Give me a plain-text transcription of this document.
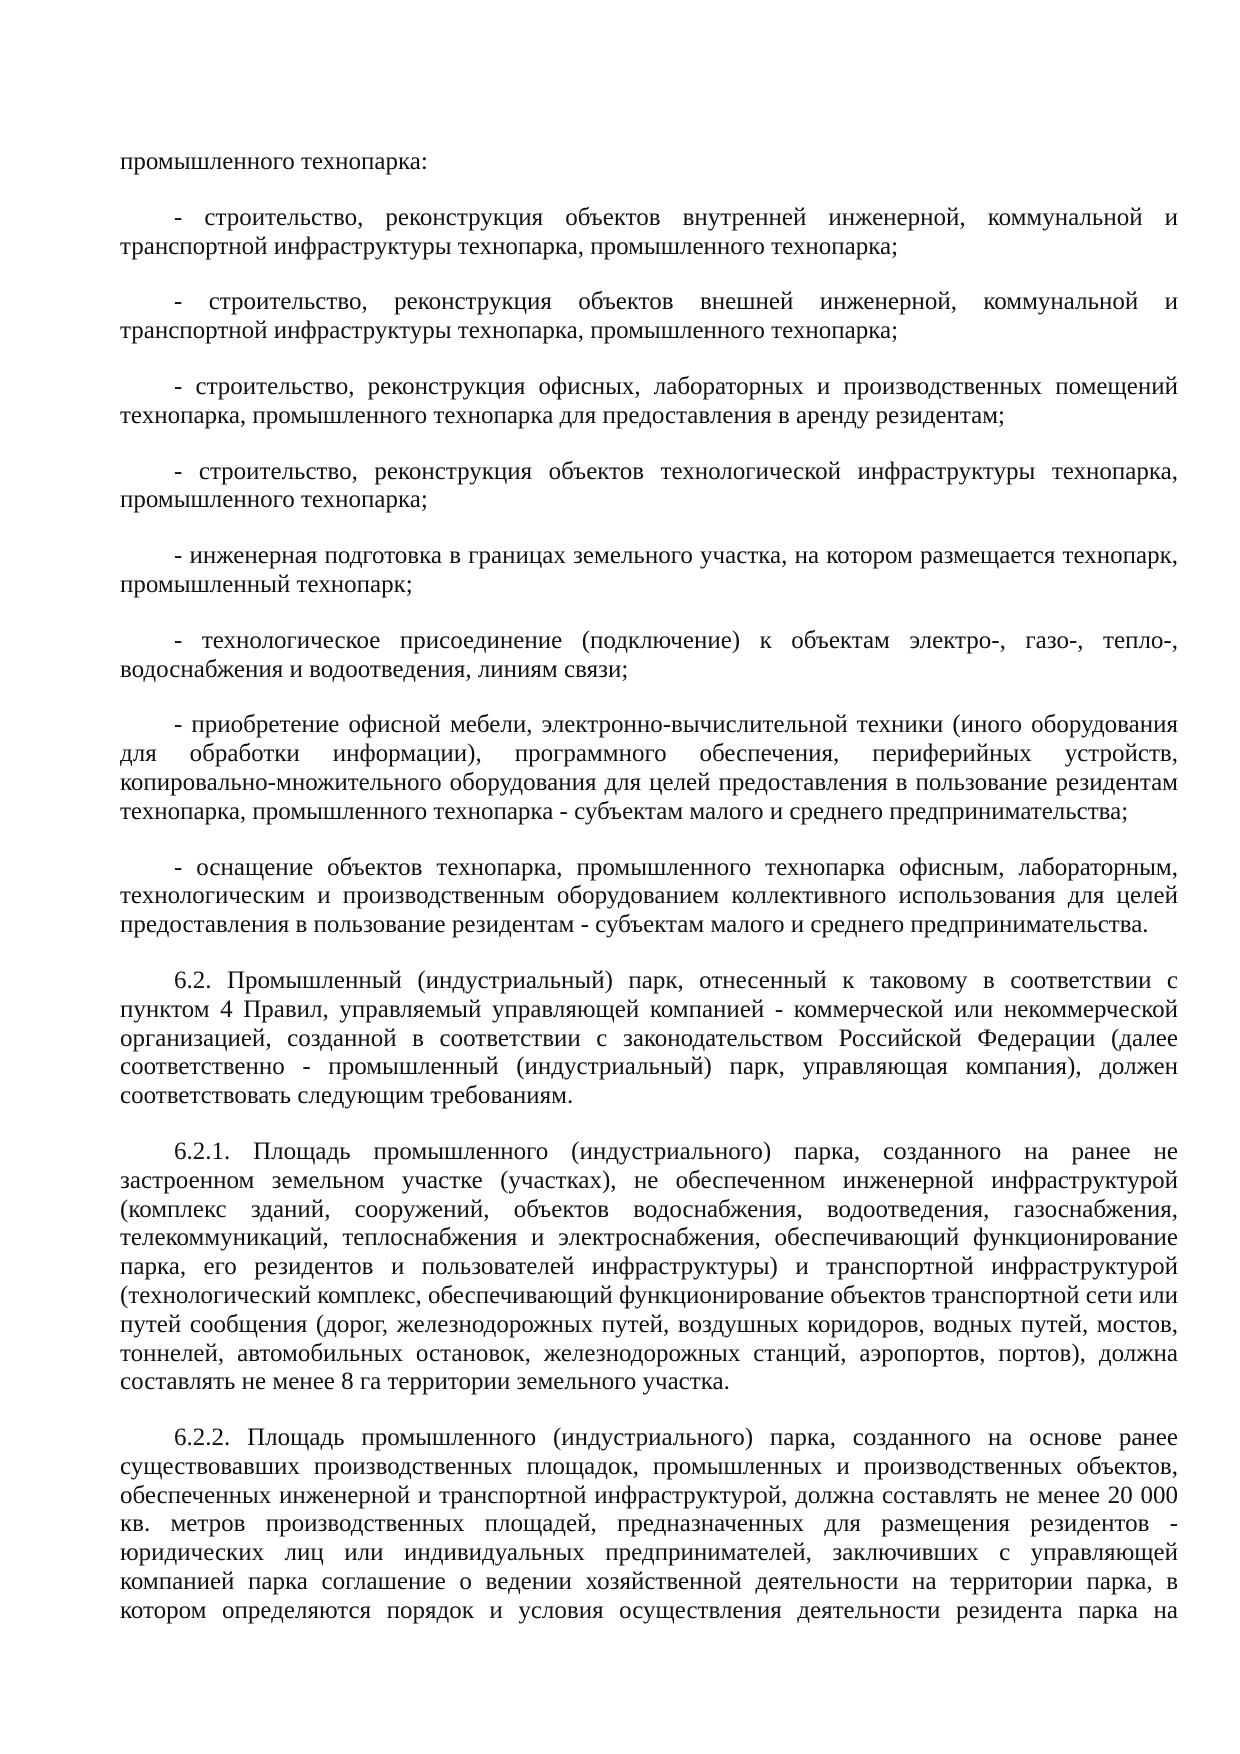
промышленного технопарка:

- строительство, реконструкция объектов внутренней инженерной, коммунальной и транспортной инфраструктуры технопарка, промышленного технопарка;

- строительство, реконструкция объектов внешней инженерной, коммунальной и транспортной инфраструктуры технопарка, промышленного технопарка;

- строительство, реконструкция офисных, лабораторных и производственных помещений технопарка, промышленного технопарка для предоставления в аренду резидентам;

- строительство, реконструкция объектов технологической инфраструктуры технопарка, промышленного технопарка;

- инженерная подготовка в границах земельного участка, на котором размещается технопарк, промышленный технопарк;

- технологическое присоединение (подключение) к объектам электро-, газо-, тепло-, водоснабжения и водоотведения, линиям связи;

- приобретение офисной мебели, электронно-вычислительной техники (иного оборудования для обработки информации), программного обеспечения, периферийных устройств, копировально-множительного оборудования для целей предоставления в пользование резидентам технопарка, промышленного технопарка - субъектам малого и среднего предпринимательства;

- оснащение объектов технопарка, промышленного технопарка офисным, лабораторным, технологическим и производственным оборудованием коллективного использования для целей предоставления в пользование резидентам - субъектам малого и среднего предпринимательства.

6.2. Промышленный (индустриальный) парк, отнесенный к таковому в соответствии с пунктом 4 Правил, управляемый управляющей компанией - коммерческой или некоммерческой организацией, созданной в соответствии с законодательством Российской Федерации (далее соответственно - промышленный (индустриальный) парк, управляющая компания), должен соответствовать следующим требованиям.

6.2.1. Площадь промышленного (индустриального) парка, созданного на ранее не застроенном земельном участке (участках), не обеспеченном инженерной инфраструктурой (комплекс зданий, сооружений, объектов водоснабжения, водоотведения, газоснабжения, телекоммуникаций, теплоснабжения и электроснабжения, обеспечивающий функционирование парка, его резидентов и пользователей инфраструктуры) и транспортной инфраструктурой (технологический комплекс, обеспечивающий функционирование объектов транспортной сети или путей сообщения (дорог, железнодорожных путей, воздушных коридоров, водных путей, мостов, тоннелей, автомобильных остановок, железнодорожных станций, аэропортов, портов), должна составлять не менее 8 га территории земельного участка.

6.2.2. Площадь промышленного (индустриального) парка, созданного на основе ранее существовавших производственных площадок, промышленных и производственных объектов, обеспеченных инженерной и транспортной инфраструктурой, должна составлять не менее 20 000 кв. метров производственных площадей, предназначенных для размещения резидентов - юридических лиц или индивидуальных предпринимателей, заключивших с управляющей компанией парка соглашение о ведении хозяйственной деятельности на территории парка, в котором определяются порядок и условия осуществления деятельности резидента парка на
